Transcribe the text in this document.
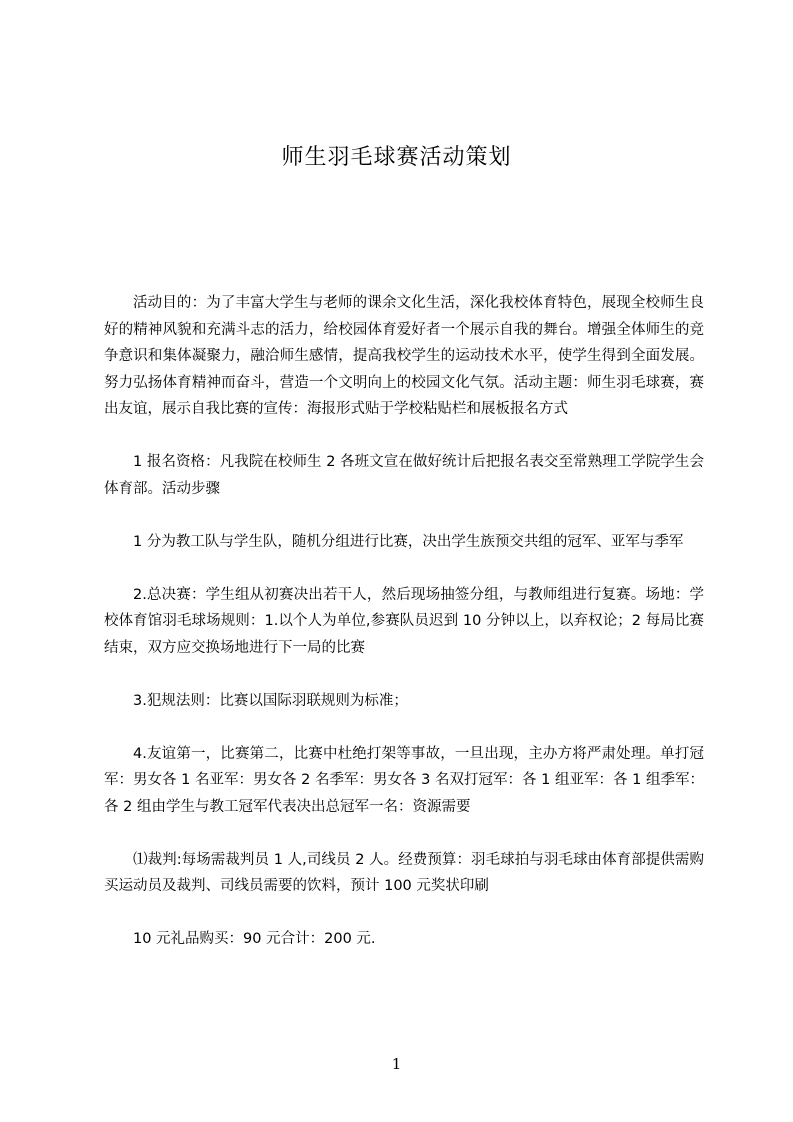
师生羽毛球赛活动策划

活动目的：为了丰富大学生与老师的课余文化生活，深化我校体育特色，展现全校师生良好的精神风貌和充满斗志的活力，给校园体育爱好者一个展示自我的舞台。增强全体师生的竞争意识和集体凝聚力，融洽师生感情，提高我校学生的运动技术水平，使学生得到全面发展。努力弘扬体育精神而奋斗，营造一个文明向上的校园文化气氛。活动主题：师生羽毛球赛，赛出友谊，展示自我比赛的宣传：海报形式贴于学校粘贴栏和展板报名方式

1 报名资格：凡我院在校师生 2 各班文宣在做好统计后把报名表交至常熟理工学院学生会体育部。活动步骤

1 分为教工队与学生队，随机分组进行比赛，决出学生族预交共组的冠军、亚军与季军

2.总决赛：学生组从初赛决出若干人，然后现场抽签分组，与教师组进行复赛。场地：学校体育馆羽毛球场规则：1.以个人为单位,参赛队员迟到 10 分钟以上，以弃权论；2 每局比赛结束，双方应交换场地进行下一局的比赛

3.犯规法则：比赛以国际羽联规则为标准；

4.友谊第一，比赛第二，比赛中杜绝打架等事故，一旦出现，主办方将严肃处理。单打冠军：男女各 1 名亚军：男女各 2 名季军：男女各 3 名双打冠军：各 1 组亚军：各 1 组季军：各 2 组由学生与教工冠军代表决出总冠军一名：资源需要

⑴裁判:每场需裁判员 1 人,司线员 2 人。经费预算：羽毛球拍与羽毛球由体育部提供需购买运动员及裁判、司线员需要的饮料，预计 100 元奖状印刷

10 元礼品购买：90 元合计：200 元.

1
